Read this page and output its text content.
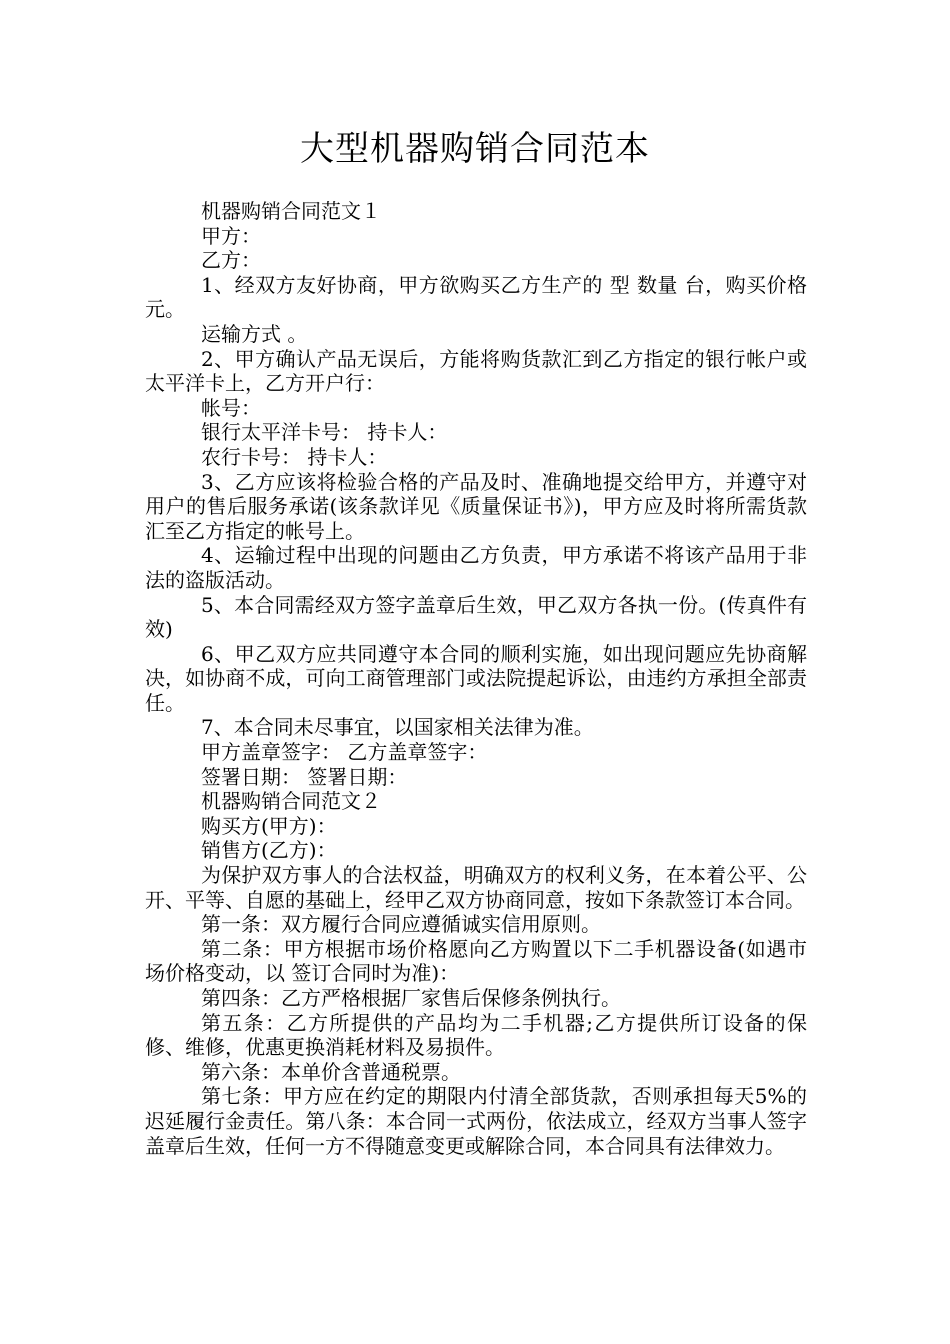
大型机器购销合同范本

机器购销合同范文１

甲方：

乙方：

1、经双方友好协商，甲方欲购买乙方生产的 型 数量 台，购买价格 元。

运输方式 。

2、甲方确认产品无误后，方能将购货款汇到乙方指定的银行帐户或太平洋卡上，乙方开户行：

帐号：

银行太平洋卡号： 持卡人：

农行卡号： 持卡人：

3、乙方应该将检验合格的产品及时、准确地提交给甲方，并遵守对用户的售后服务承诺(该条款详见《质量保证书》)，甲方应及时将所需货款汇至乙方指定的帐号上。

4、运输过程中出现的问题由乙方负责，甲方承诺不将该产品用于非法的盗版活动。

5、本合同需经双方签字盖章后生效，甲乙双方各执一份。(传真件有效)

6、甲乙双方应共同遵守本合同的顺利实施，如出现问题应先协商解决，如协商不成，可向工商管理部门或法院提起诉讼，由违约方承担全部责任。

7、本合同未尽事宜，以国家相关法律为准。

甲方盖章签字： 乙方盖章签字：

签署日期： 签署日期：

机器购销合同范文２

购买方(甲方)：

销售方(乙方)：

为保护双方事人的合法权益，明确双方的权利义务，在本着公平、公开、平等、自愿的基础上，经甲乙双方协商同意，按如下条款签订本合同。

第一条：双方履行合同应遵循诚实信用原则。

第二条：甲方根据市场价格愿向乙方购置以下二手机器设备(如遇市场价格变动，以 签订合同时为准)：

第四条：乙方严格根据厂家售后保修条例执行。

第五条：乙方所提供的产品均为二手机器;乙方提供所订设备的保修、维修，优惠更换消耗材料及易损件。

第六条：本单价含普通税票。

第七条：甲方应在约定的期限内付清全部货款，否则承担每天5%的迟延履行金责任。第八条：本合同一式两份，依法成立，经双方当事人签字盖章后生效，任何一方不得随意变更或解除合同，本合同具有法律效力。
